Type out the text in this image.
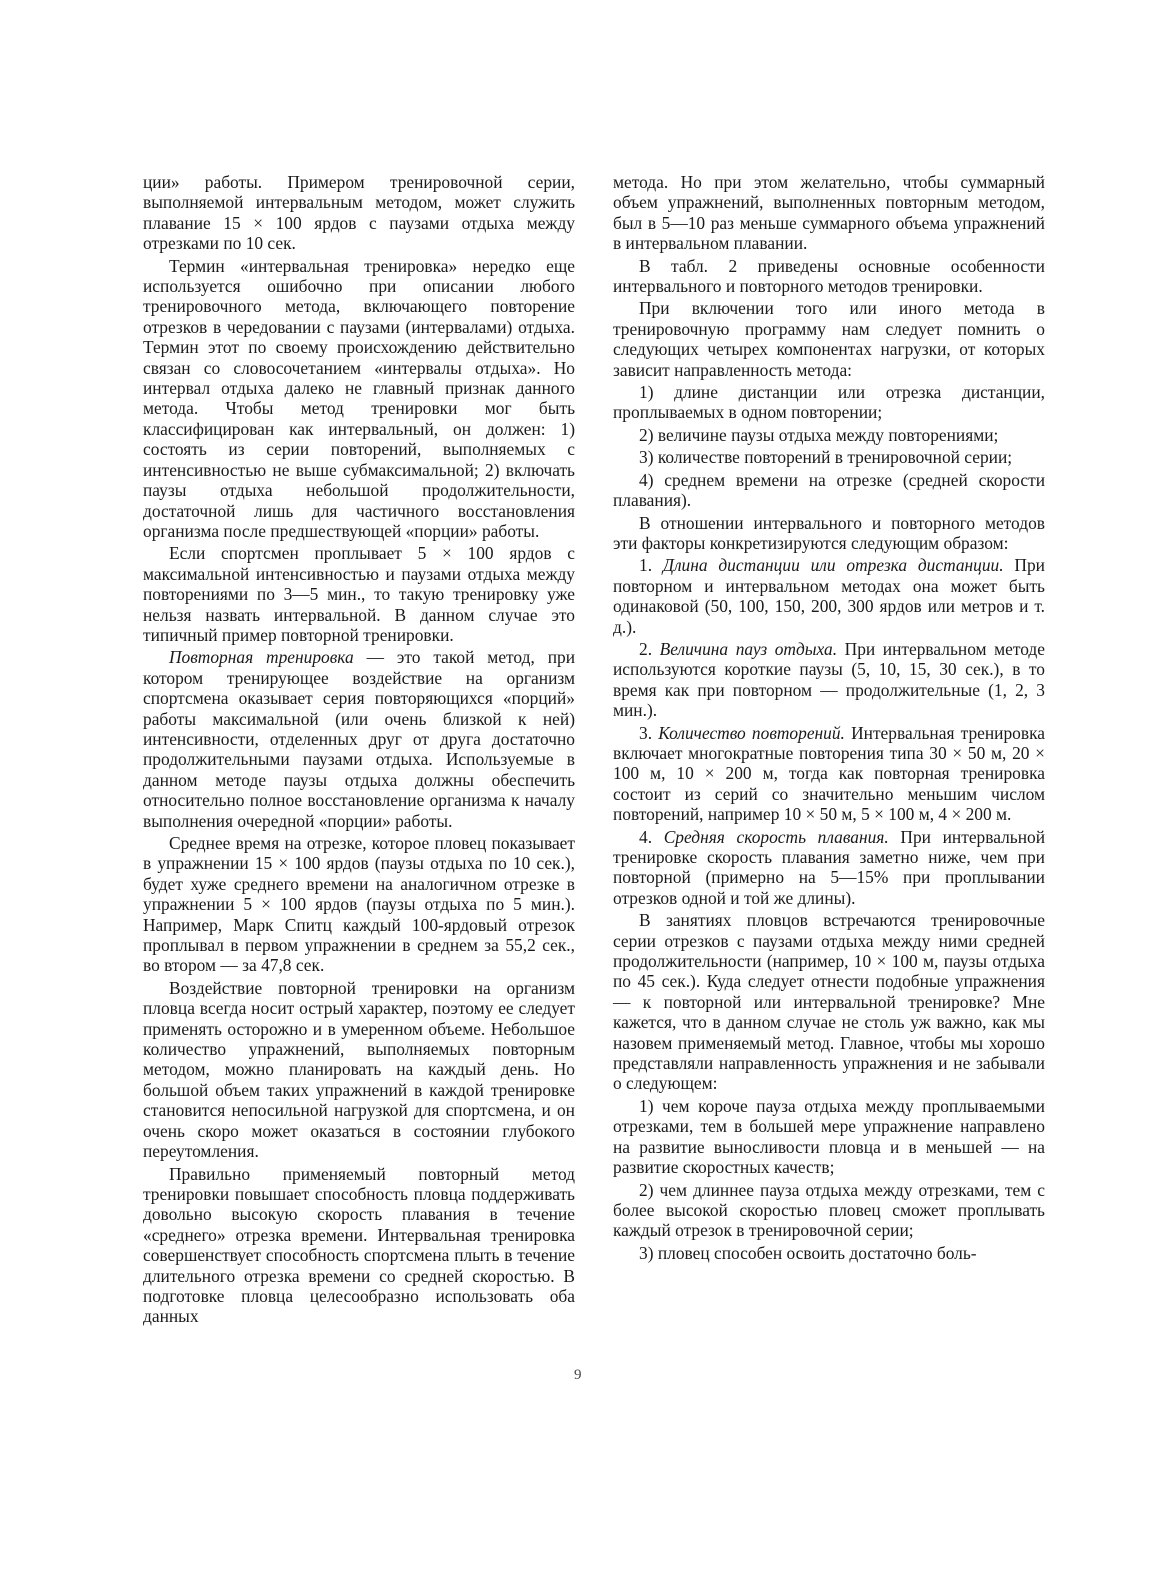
ции» работы. Примером тренировочной серии, выполняемой интервальным методом, может служить плавание 15 × 100 ярдов с паузами отдыха между отрезками по 10 сек.

Термин «интервальная тренировка» нередко еще используется ошибочно при описании любого тренировочного метода, включающего повторение отрезков в чередовании с паузами (интервалами) отдыха. Термин этот по своему происхождению действительно связан со словосочетанием «интервалы отдыха». Но интервал отдыха далеко не главный признак данного метода. Чтобы метод тренировки мог быть классифицирован как интервальный, он должен: 1) состоять из серии повторений, выполняемых с интенсивностью не выше субмаксимальной; 2) включать паузы отдыха небольшой продолжительности, достаточной лишь для частичного восстановления организма после предшествующей «порции» работы.

Если спортсмен проплывает 5 × 100 ярдов с максимальной интенсивностью и паузами отдыха между повторениями по 3—5 мин., то такую тренировку уже нельзя назвать интервальной. В данном случае это типичный пример повторной тренировки.

Повторная тренировка — это такой метод, при котором тренирующее воздействие на организм спортсмена оказывает серия повторяющихся «порций» работы максимальной (или очень близкой к ней) интенсивности, отделенных друг от друга достаточно продолжительными паузами отдыха. Используемые в данном методе паузы отдыха должны обеспечить относительно полное восстановление организма к началу выполнения очередной «порции» работы.

Среднее время на отрезке, которое пловец показывает в упражнении 15 × 100 ярдов (паузы отдыха по 10 сек.), будет хуже среднего времени на аналогичном отрезке в упражнении 5 × 100 ярдов (паузы отдыха по 5 мин.). Например, Марк Спитц каждый 100-ярдовый отрезок проплывал в первом упражнении в среднем за 55,2 сек., во втором — за 47,8 сек.

Воздействие повторной тренировки на организм пловца всегда носит острый характер, поэтому ее следует применять осторожно и в умеренном объеме. Небольшое количество упражнений, выполняемых повторным методом, можно планировать на каждый день. Но большой объем таких упражнений в каждой тренировке становится непосильной нагрузкой для спортсмена, и он очень скоро может оказаться в состоянии глубокого переутомления.

Правильно применяемый повторный метод тренировки повышает способность пловца поддерживать довольно высокую скорость плавания в течение «среднего» отрезка времени. Интервальная тренировка совершенствует способность спортсмена плыть в течение длительного отрезка времени со средней скоростью. В подготовке пловца целесообразно использовать оба данных

метода. Но при этом желательно, чтобы суммарный объем упражнений, выполненных повторным методом, был в 5—10 раз меньше суммарного объема упражнений в интервальном плавании.

В табл. 2 приведены основные особенности интервального и повторного методов тренировки.

При включении того или иного метода в тренировочную программу нам следует помнить о следующих четырех компонентах нагрузки, от которых зависит направленность метода:

1) длине дистанции или отрезка дистанции, проплываемых в одном повторении;

2) величине паузы отдыха между повторениями;

3) количестве повторений в тренировочной серии;

4) среднем времени на отрезке (средней скорости плавания).

В отношении интервального и повторного методов эти факторы конкретизируются следующим образом:

1. Длина дистанции или отрезка дистанции. При повторном и интервальном методах она может быть одинаковой (50, 100, 150, 200, 300 ярдов или метров и т. д.).

2. Величина пауз отдыха. При интервальном методе используются короткие паузы (5, 10, 15, 30 сек.), в то время как при повторном — продолжительные (1, 2, 3 мин.).

3. Количество повторений. Интервальная тренировка включает многократные повторения типа 30 × 50 м, 20 × 100 м, 10 × 200 м, тогда как повторная тренировка состоит из серий со значительно меньшим числом повторений, например 10 × 50 м, 5 × 100 м, 4 × 200 м.

4. Средняя скорость плавания. При интервальной тренировке скорость плавания заметно ниже, чем при повторной (примерно на 5—15% при проплывании отрезков одной и той же длины).

В занятиях пловцов встречаются тренировочные серии отрезков с паузами отдыха между ними средней продолжительности (например, 10 × 100 м, паузы отдыха по 45 сек.). Куда следует отнести подобные упражнения — к повторной или интервальной тренировке? Мне кажется, что в данном случае не столь уж важно, как мы назовем применяемый метод. Главное, чтобы мы хорошо представляли направленность упражнения и не забывали о следующем:

1) чем короче пауза отдыха между проплываемыми отрезками, тем в большей мере упражнение направлено на развитие выносливости пловца и в меньшей — на развитие скоростных качеств;

2) чем длиннее пауза отдыха между отрезками, тем с более высокой скоростью пловец сможет проплывать каждый отрезок в тренировочной серии;

3) пловец способен освоить достаточно боль-

9
